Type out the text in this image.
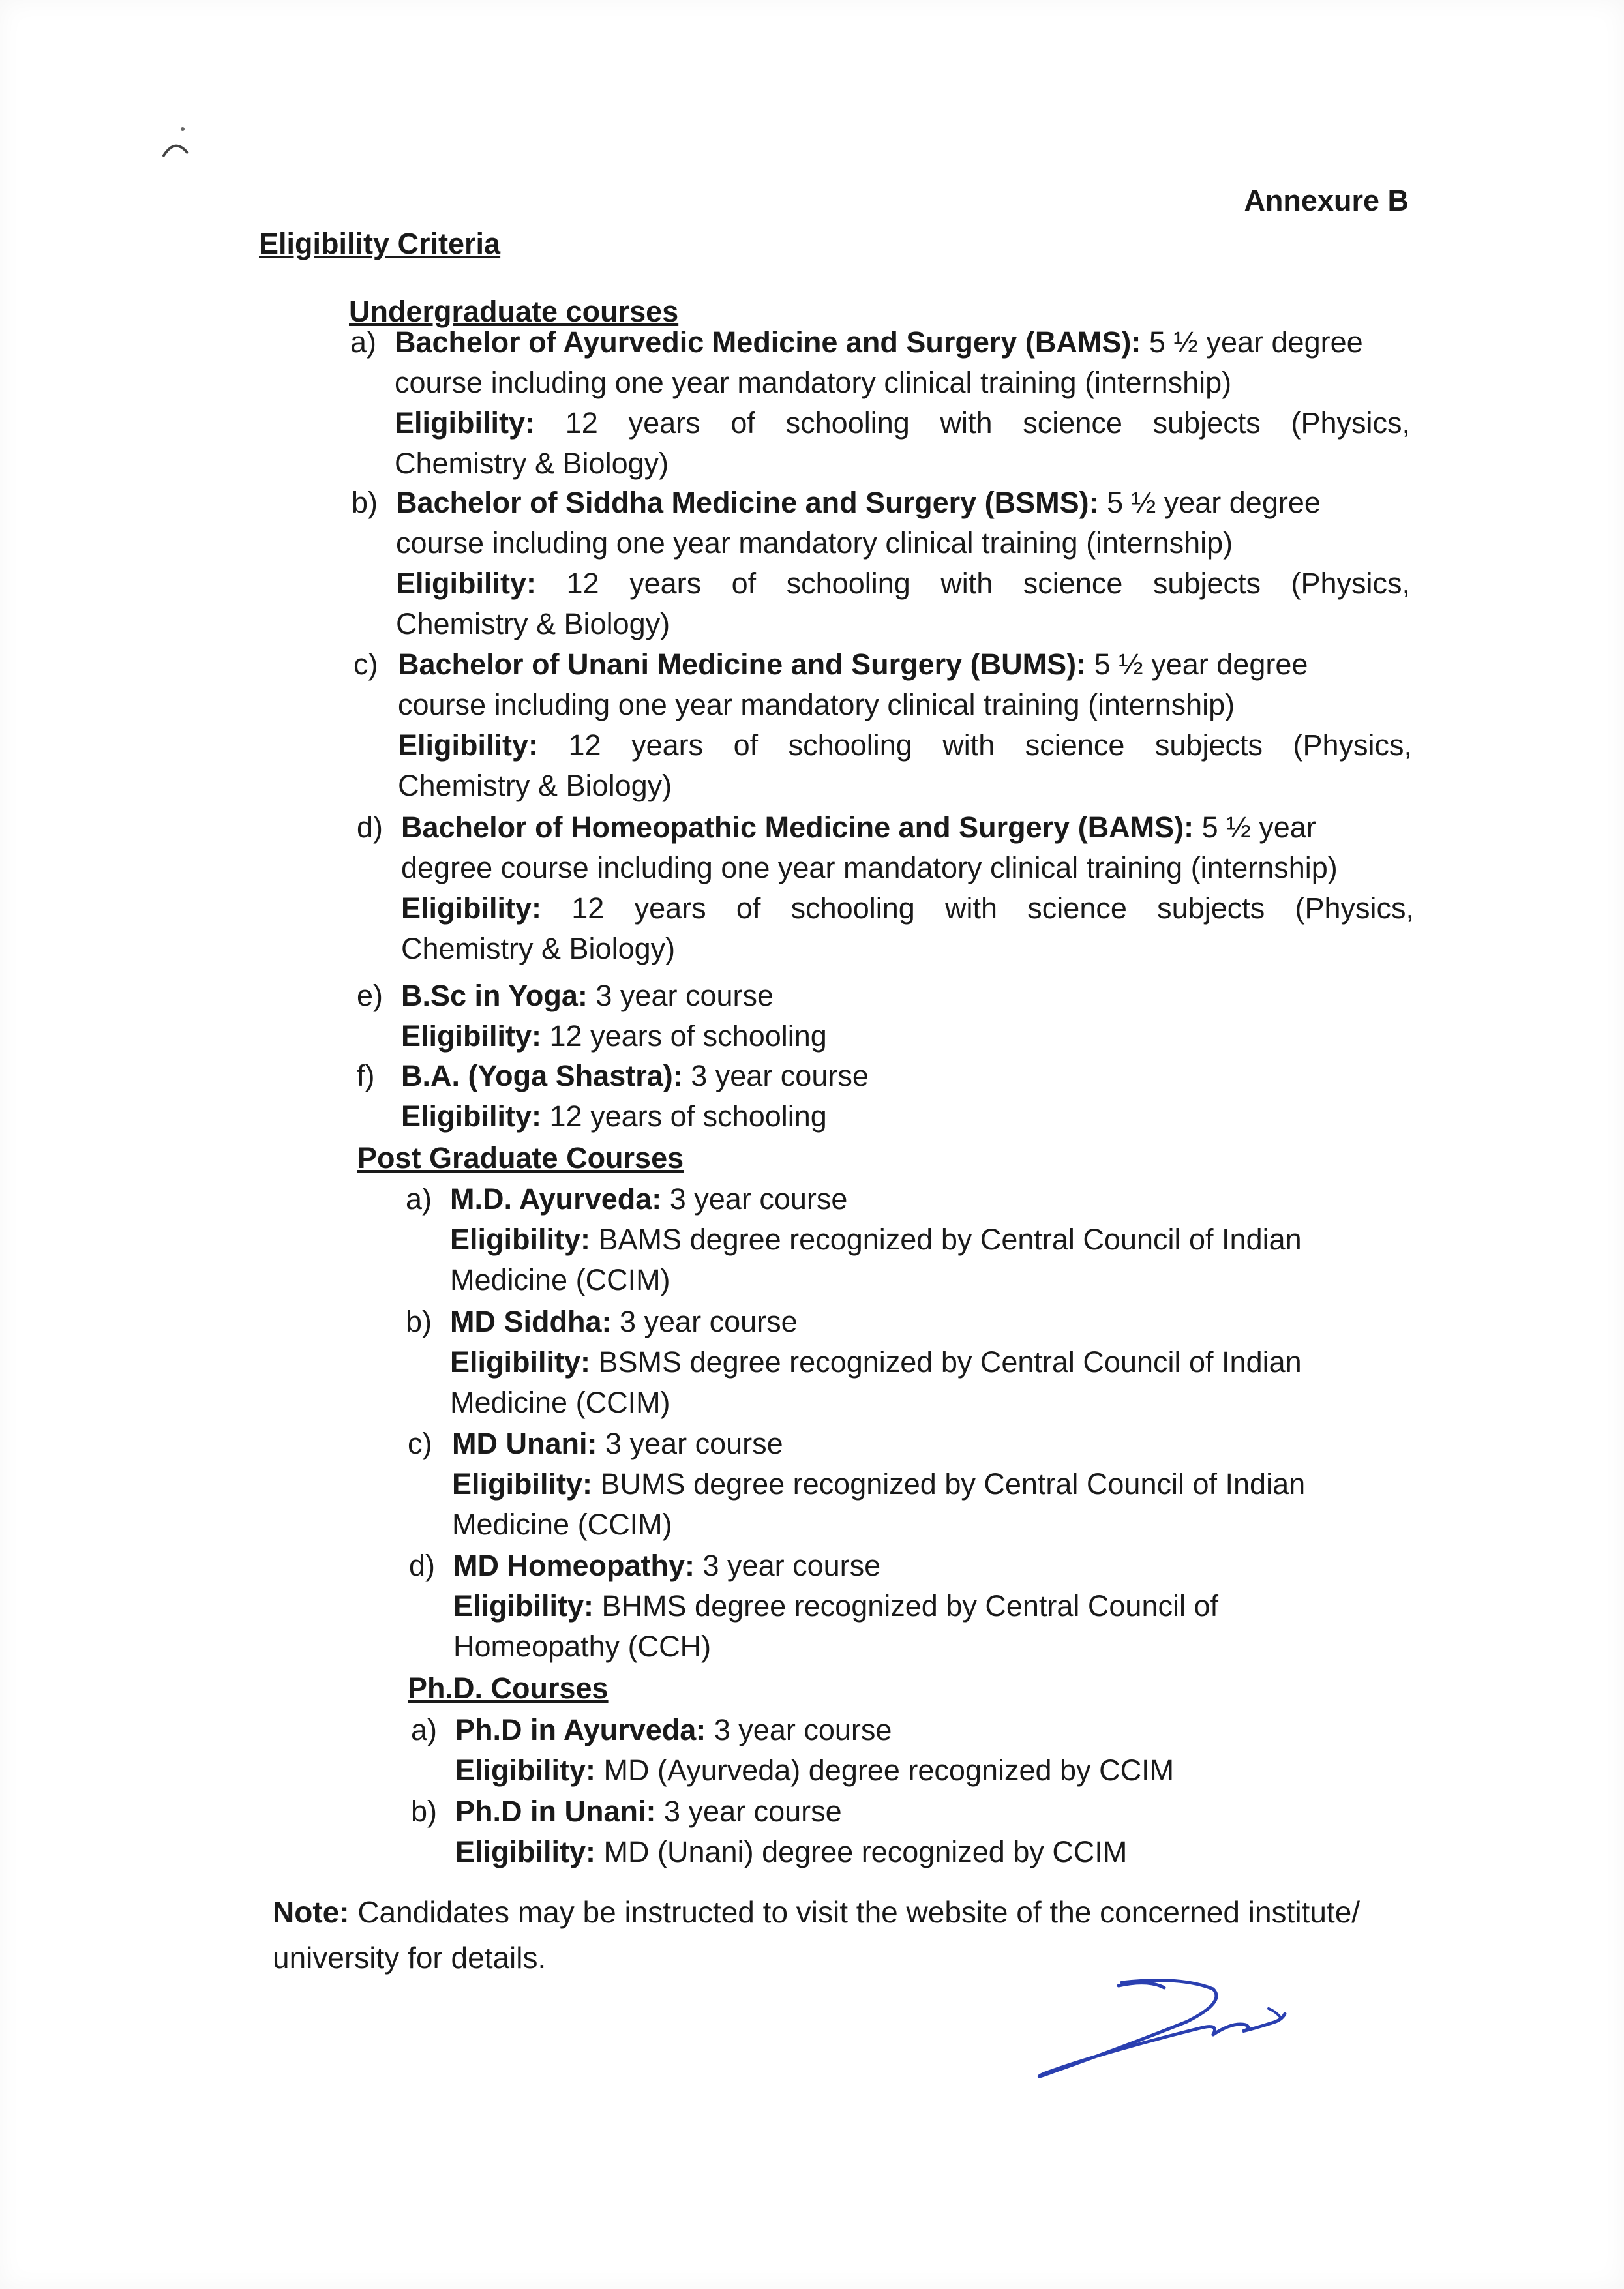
Annexure B
Eligibility Criteria
Undergraduate courses
a) Bachelor of Ayurvedic Medicine and Surgery (BAMS): 5 ½ year degree
course including one year mandatory clinical training (internship)
Eligibility: 12 years of schooling with science subjects (Physics,
Chemistry & Biology)
b) Bachelor of Siddha Medicine and Surgery (BSMS): 5 ½ year degree
course including one year mandatory clinical training (internship)
Eligibility: 12 years of schooling with science subjects (Physics,
Chemistry & Biology)
c) Bachelor of Unani Medicine and Surgery (BUMS): 5 ½ year degree
course including one year mandatory clinical training (internship)
Eligibility: 12 years of schooling with science subjects (Physics,
Chemistry & Biology)
d) Bachelor of Homeopathic Medicine and Surgery (BAMS): 5 ½ year
degree course including one year mandatory clinical training (internship)
Eligibility: 12 years of schooling with science subjects (Physics,
Chemistry & Biology)
e) B.Sc in Yoga: 3 year course
Eligibility: 12 years of schooling
f) B.A. (Yoga Shastra): 3 year course
Eligibility: 12 years of schooling
Post Graduate Courses
a) M.D. Ayurveda: 3 year course
Eligibility: BAMS degree recognized by Central Council of Indian
Medicine (CCIM)
b) MD Siddha: 3 year course
Eligibility: BSMS degree recognized by Central Council of Indian
Medicine (CCIM)
c) MD Unani: 3 year course
Eligibility: BUMS degree recognized by Central Council of Indian
Medicine (CCIM)
d) MD Homeopathy: 3 year course
Eligibility: BHMS degree recognized by Central Council of
Homeopathy (CCH)
Ph.D. Courses
a) Ph.D in Ayurveda: 3 year course
Eligibility: MD (Ayurveda) degree recognized by CCIM
b) Ph.D in Unani: 3 year course
Eligibility: MD (Unani) degree recognized by CCIM
Note: Candidates may be instructed to visit the website of the concerned institute/ university for details.
